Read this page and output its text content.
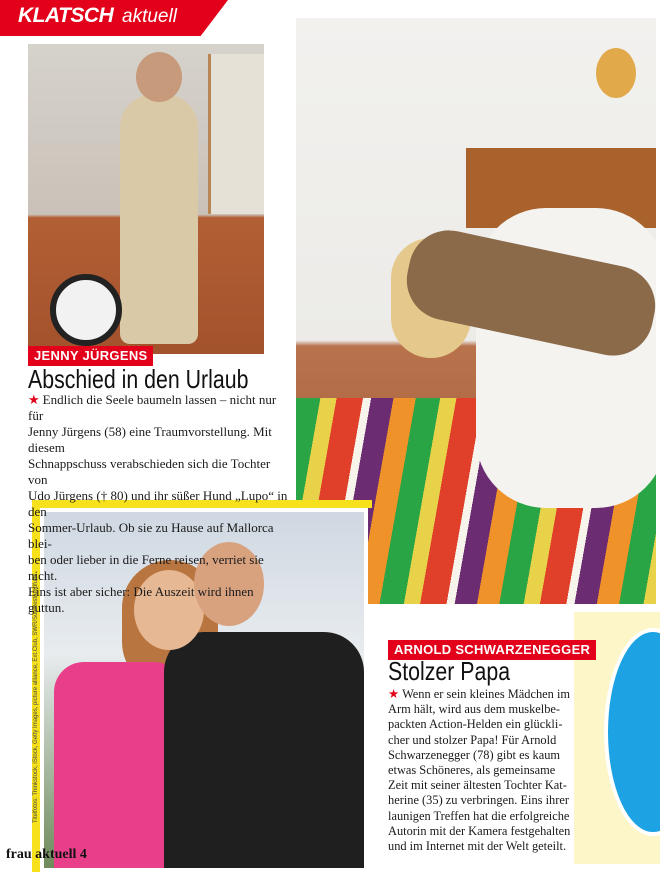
KLATSCH aktuell
JENNY JÜRGENS
Abschied in den Urlaub

★ Endlich die Seele baumeln lassen – nicht nur für

Jenny Jürgens (58) eine Traumvorstellung. Mit diesem

Schnappschuss verabschieden sich die Tochter von

Udo Jürgens († 80) und ihr süßer Hund „Lupo“ in den

Sommer-Urlaub. Ob sie zu Hause auf Mallorca blei-

ben oder lieber in die Ferne reisen, verriet sie nicht.

Eins ist aber sicher: Die Auszeit wird ihnen guttun.

ARNOLD SCHWARZENEGGER
Stolzer Papa

★ Wenn er sein kleines Mädchen im

Arm hält, wird aus dem muskelbe-

packten Action-Helden ein glückli-

cher und stolzer Papa! Für Arnold

Schwarzenegger (78) gibt es kaum

etwas Schöneres, als gemeinsame

Zeit mit seiner ältesten Tochter Kat-

herine (35) zu verbringen. Eins ihrer

launigen Treffen hat die erfolgreiche

Autorin mit der Kamera festgehalten

und im Internet mit der Welt geteilt.

Titelfotos: Thinkstock, iStock, Getty Images, picture alliance, Ext.Club, SWR/Südwestrundfunk
frau aktuell 4
